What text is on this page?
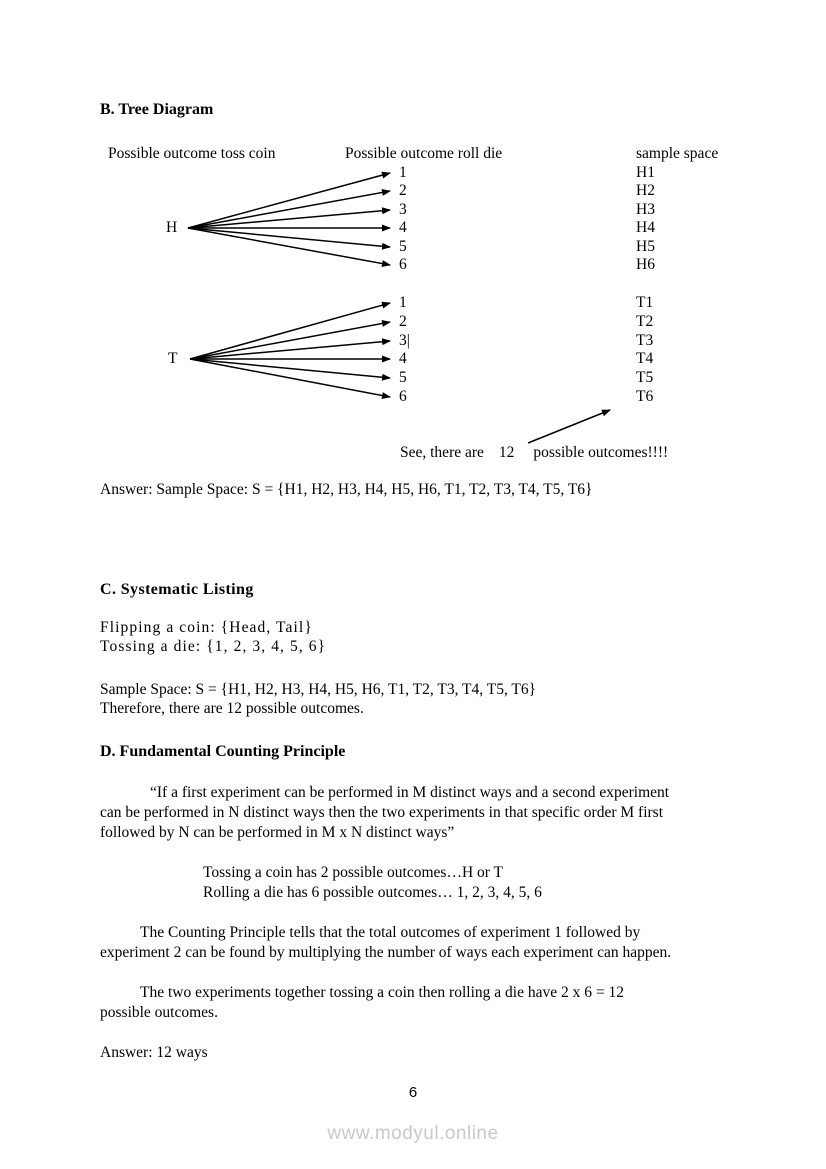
B. Tree Diagram
Possible outcome toss coin	Possible outcome roll die	sample space
H
T
1
2
3
4
5
6
H1
H2
H3
H4
H5
H6
1
2
3|
4
5
6
T1
T2
T3
T4
T5
T6
See, there are 12 possible outcomes!!!!
Answer: Sample Space: S = {H1, H2, H3, H4, H5, H6, T1, T2, T3, T4, T5, T6}
C. Systematic Listing
Flipping a coin: {Head, Tail}
Tossing a die: {1, 2, 3, 4, 5, 6}
Sample Space: S = {H1, H2, H3, H4, H5, H6, T1, T2, T3, T4, T5, T6}
Therefore, there are 12 possible outcomes.
D. Fundamental Counting Principle
“If a first experiment can be performed in M distinct ways and a second experiment
can be performed in N distinct ways then the two experiments in that specific order M first
followed by N can be performed in M x N distinct ways”
Tossing a coin has 2 possible outcomes…H or T
Rolling a die has 6 possible outcomes… 1, 2, 3, 4, 5, 6
The Counting Principle tells that the total outcomes of experiment 1 followed by
experiment 2 can be found by multiplying the number of ways each experiment can happen.
The two experiments together tossing a coin then rolling a die have 2 x 6 = 12
possible outcomes.
Answer: 12 ways
6
www.modyul.online
